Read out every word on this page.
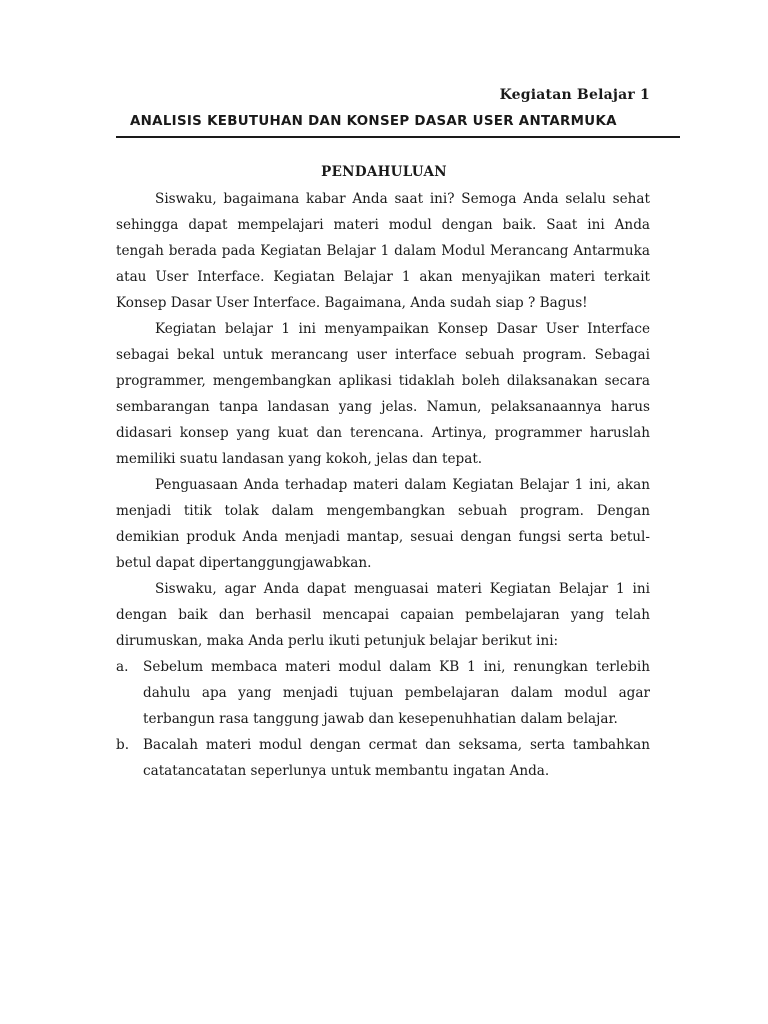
Kegiatan Belajar 1
ANALISIS KEBUTUHAN DAN KONSEP DASAR USER ANTARMUKA
PENDAHULUAN

Siswaku, bagaimana kabar Anda saat ini? Semoga Anda selalu sehat sehingga dapat mempelajari materi modul dengan baik. Saat ini Anda tengah berada pada Kegiatan Belajar 1 dalam Modul Merancang Antarmuka atau User Interface. Kegiatan Belajar 1 akan menyajikan materi terkait Konsep Dasar User Interface. Bagaimana, Anda sudah siap ? Bagus!

Kegiatan belajar 1 ini menyampaikan Konsep Dasar User Interface sebagai bekal untuk merancang user interface sebuah program. Sebagai programmer, mengembangkan aplikasi tidaklah boleh dilaksanakan secara sembarangan tanpa landasan yang jelas. Namun, pelaksanaannya harus didasari konsep yang kuat dan terencana. Artinya, programmer haruslah memiliki suatu landasan yang kokoh, jelas dan tepat.

Penguasaan Anda terhadap materi dalam Kegiatan Belajar 1 ini, akan menjadi titik tolak dalam mengembangkan sebuah program. Dengan demikian produk Anda menjadi mantap, sesuai dengan fungsi serta betul-betul dapat dipertanggungjawabkan.

Siswaku, agar Anda dapat menguasai materi Kegiatan Belajar 1 ini dengan baik dan berhasil mencapai capaian pembelajaran yang telah dirumuskan, maka Anda perlu ikuti petunjuk belajar berikut ini:

a. Sebelum membaca materi modul dalam KB 1 ini, renungkan terlebih dahulu apa yang menjadi tujuan pembelajaran dalam modul agar terbangun rasa tanggung jawab dan kesepenuhhatian dalam belajar.
b. Bacalah materi modul dengan cermat dan seksama, serta tambahkan catatancatatan seperlunya untuk membantu ingatan Anda.
